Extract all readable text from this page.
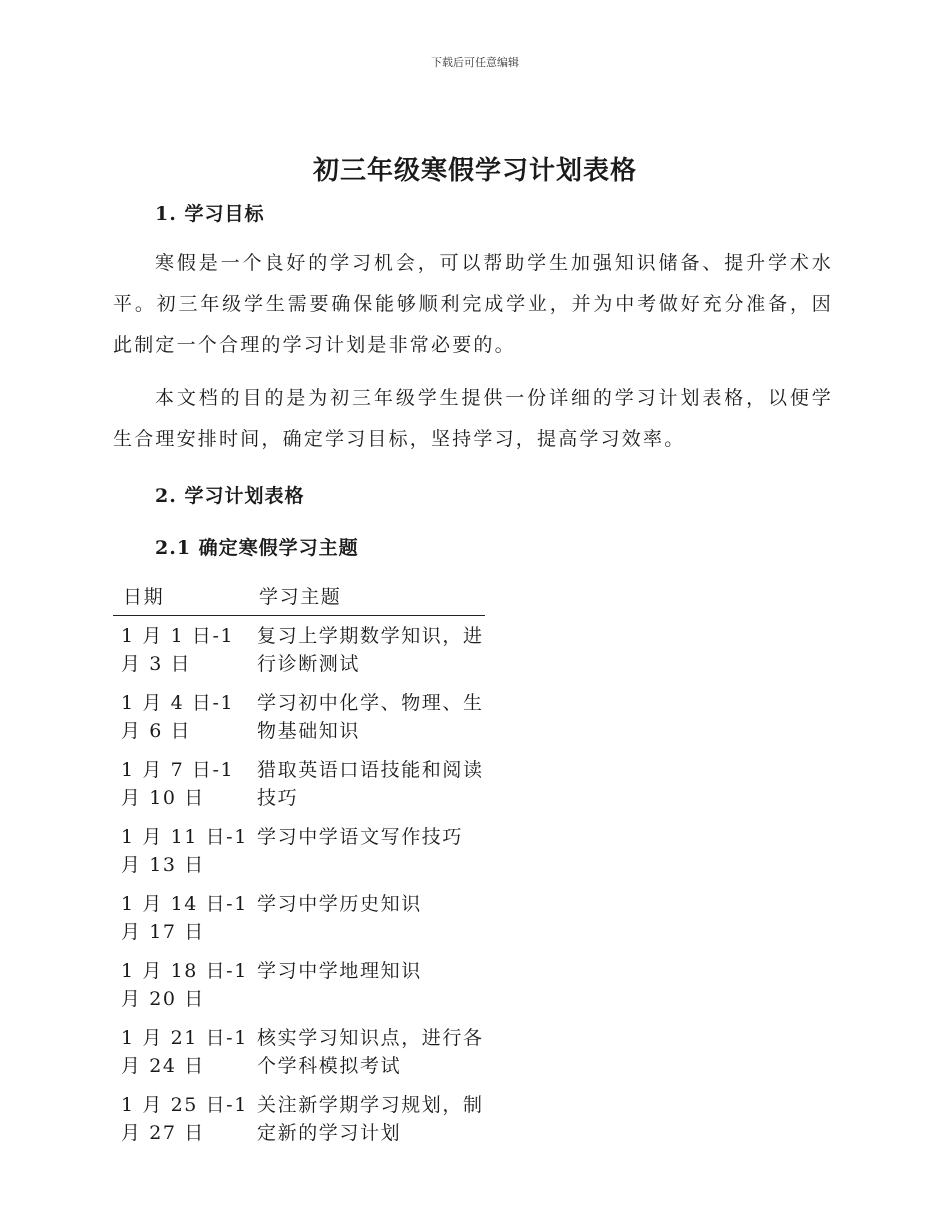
下载后可任意编辑
初三年级寒假学习计划表格
1. 学习目标

寒假是一个良好的学习机会，可以帮助学生加强知识储备、提升学术水平。初三年级学生需要确保能够顺利完成学业，并为中考做好充分准备，因此制定一个合理的学习计划是非常必要的。

本文档的目的是为初三年级学生提供一份详细的学习计划表格，以便学生合理安排时间，确定学习目标，坚持学习，提高学习效率。

2. 学习计划表格
2.1 确定寒假学习主题
日期	学习主题
1 月 1 日-1 月 3 日	复习上学期数学知识，进行诊断测试
1 月 4 日-1 月 6 日	学习初中化学、物理、生物基础知识
1 月 7 日-1 月 10 日	猎取英语口语技能和阅读技巧
1 月 11 日-1 月 13 日	学习中学语文写作技巧
1 月 14 日-1 月 17 日	学习中学历史知识
1 月 18 日-1 月 20 日	学习中学地理知识
1 月 21 日-1 月 24 日	核实学习知识点，进行各个学科模拟考试
1 月 25 日-1 月 27 日	关注新学期学习规划，制定新的学习计划
